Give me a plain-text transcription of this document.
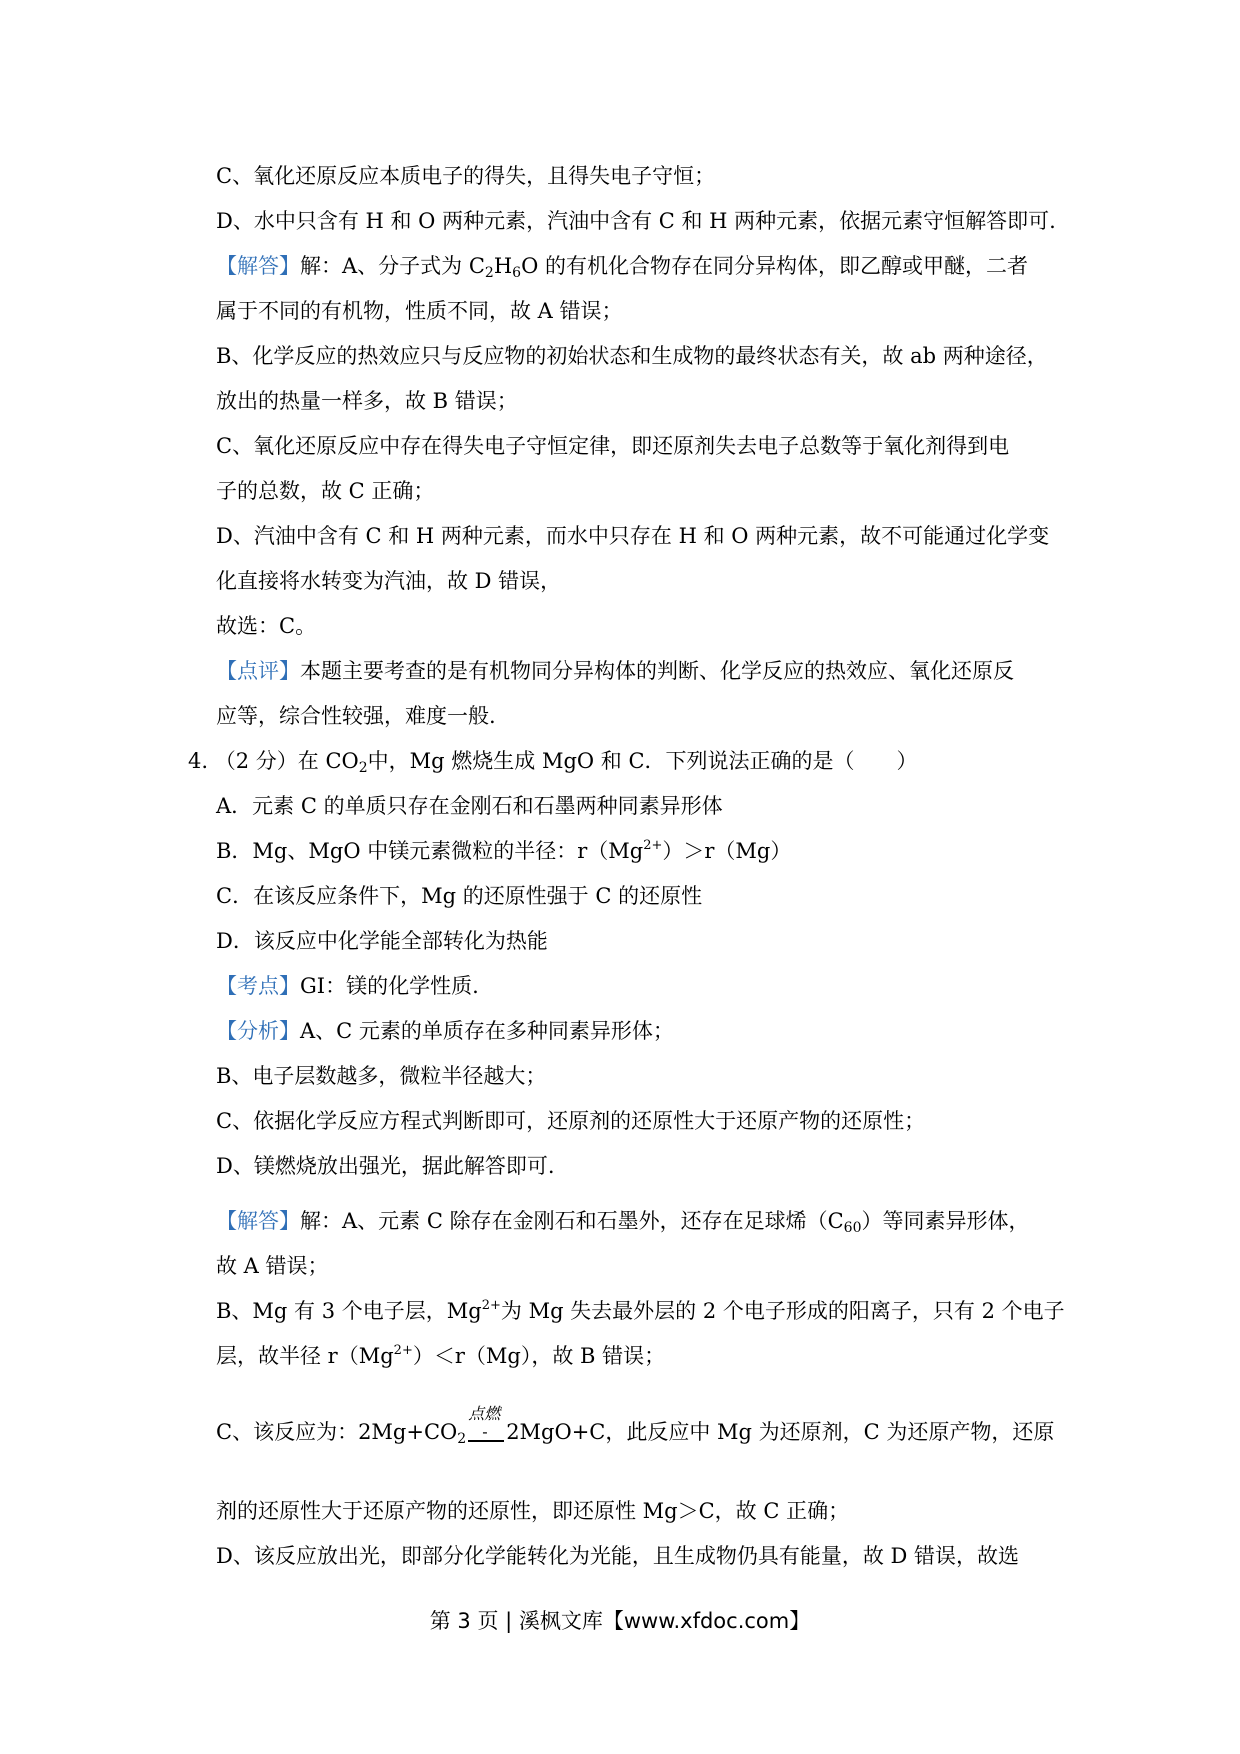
C、氧化还原反应本质电子的得失，且得失电子守恒；
D、水中只含有 H 和 O 两种元素，汽油中含有 C 和 H 两种元素，依据元素守恒解答即可.
【解答】解：A、分子式为 $C_2H_6O$ 的有机化合物存在同分异构体，即乙醇或甲醚，二者
属于不同的有机物，性质不同，故 A 错误；
B、化学反应的热效应只与反应物的初始状态和生成物的最终状态有关，故 ab 两种途径，
放出的热量一样多，故 B 错误；
C、氧化还原反应中存在得失电子守恒定律，即还原剂失去电子总数等于氧化剂得到电
子的总数，故 C 正确；
D、汽油中含有 C 和 H 两种元素，而水中只存在 H 和 O 两种元素，故不可能通过化学变
化直接将水转变为汽油，故 D 错误，
故选：C。
【点评】本题主要考查的是有机物同分异构体的判断、化学反应的热效应、氧化还原反
应等，综合性较强，难度一般.
4. （2 分）在 $CO_2$中，Mg 燃烧生成 MgO 和 C．下列说法正确的是（　　）
A．元素 C 的单质只存在金刚石和石墨两种同素异形体
B．Mg、MgO 中镁元素微粒的半径：$r(Mg^{2+})>r(Mg)$
C．在该反应条件下，Mg 的还原性强于 C 的还原性
D．该反应中化学能全部转化为热能
【考点】GI：镁的化学性质.
【分析】A、C 元素的单质存在多种同素异形体；
B、电子层数越多，微粒半径越大；
C、依据化学反应方程式判断即可，还原剂的还原性大于还原产物的还原性；
D、镁燃烧放出强光，据此解答即可.
【解答】解：A、元素 C 除存在金刚石和石墨外，还存在足球烯$(C_{60})$等同素异形体，
故 A 错误；
B、Mg 有 3 个电子层，$Mg^{2+}$为 Mg 失去最外层的 2 个电子形成的阳离子，只有 2 个电子
层，故半径 $r(Mg^{2+})<r(Mg)$，故 B 错误；
C、该反应为：$2Mg+CO_2$
点燃
- 2MgO+C，此反应中 Mg 为还原剂，C 为还原产物，还原
剂的还原性大于还原产物的还原性，即还原性 Mg＞C，故 C 正确；
D、该反应放出光，即部分化学能转化为光能，且生成物仍具有能量，故 D 错误，故选
第 3 页 | 溪枫文库【www.xfdoc.com】
